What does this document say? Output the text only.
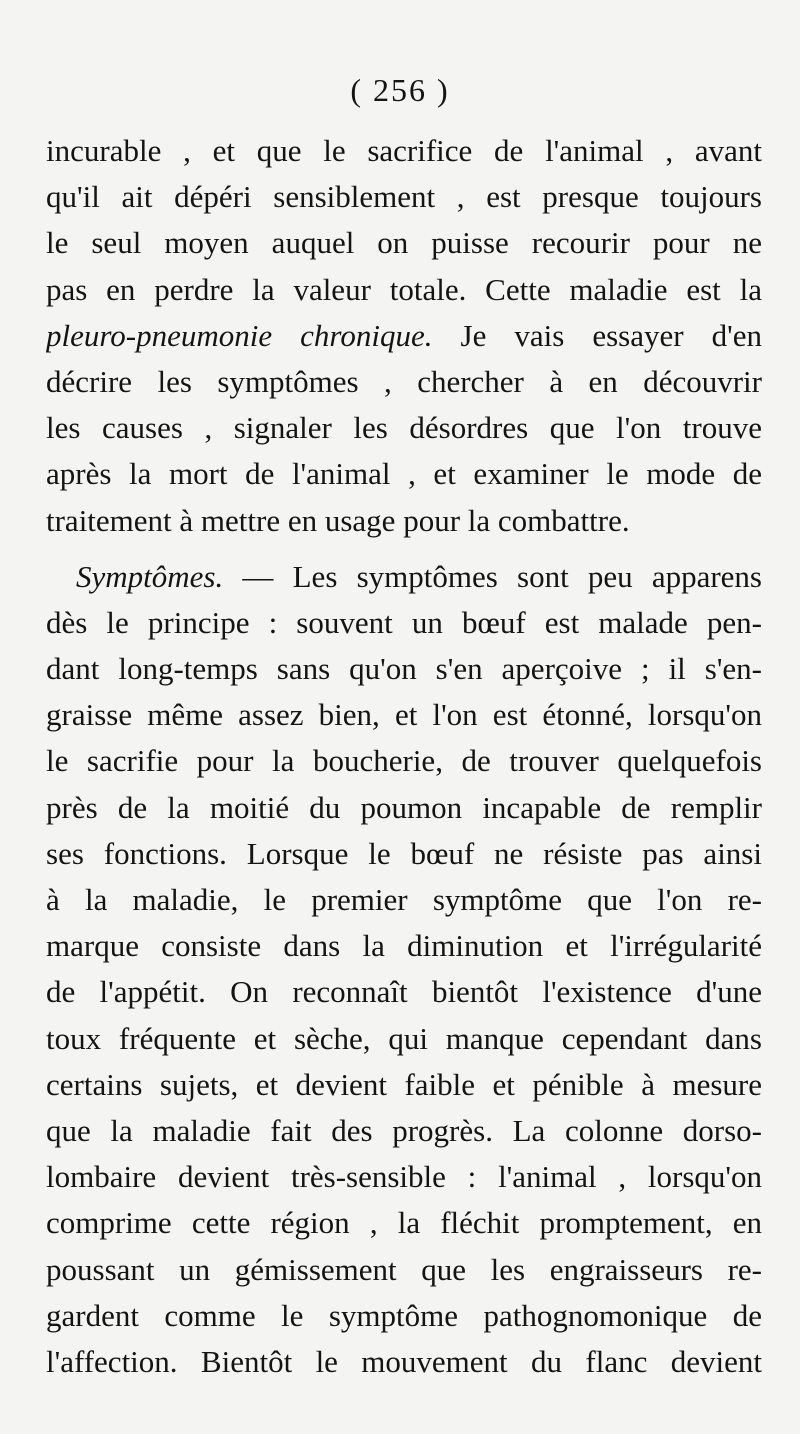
( 256 )
incurable , et que le sacrifice de l'animal , avant
qu'il ait dépéri sensiblement , est presque toujours
le seul moyen auquel on puisse recourir pour ne
pas en perdre la valeur totale. Cette maladie est la
pleuro-pneumonie chronique. Je vais essayer d'en
décrire les symptômes , chercher à en découvrir
les causes , signaler les désordres que l'on trouve
après la mort de l'animal , et examiner le mode de
traitement à mettre en usage pour la combattre.
Symptômes. — Les symptômes sont peu apparens
dès le principe : souvent un bœuf est malade pen-
dant long-temps sans qu'on s'en aperçoive ; il s'en-
graisse même assez bien, et l'on est étonné, lorsqu'on
le sacrifie pour la boucherie, de trouver quelquefois
près de la moitié du poumon incapable de remplir
ses fonctions. Lorsque le bœuf ne résiste pas ainsi
à la maladie, le premier symptôme que l'on re-
marque consiste dans la diminution et l'irrégularité
de l'appétit. On reconnaît bientôt l'existence d'une
toux fréquente et sèche, qui manque cependant dans
certains sujets, et devient faible et pénible à mesure
que la maladie fait des progrès. La colonne dorso-
lombaire devient très-sensible : l'animal , lorsqu'on
comprime cette région , la fléchit promptement, en
poussant un gémissement que les engraisseurs re-
gardent comme le symptôme pathognomonique de
l'affection. Bientôt le mouvement du flanc devient
